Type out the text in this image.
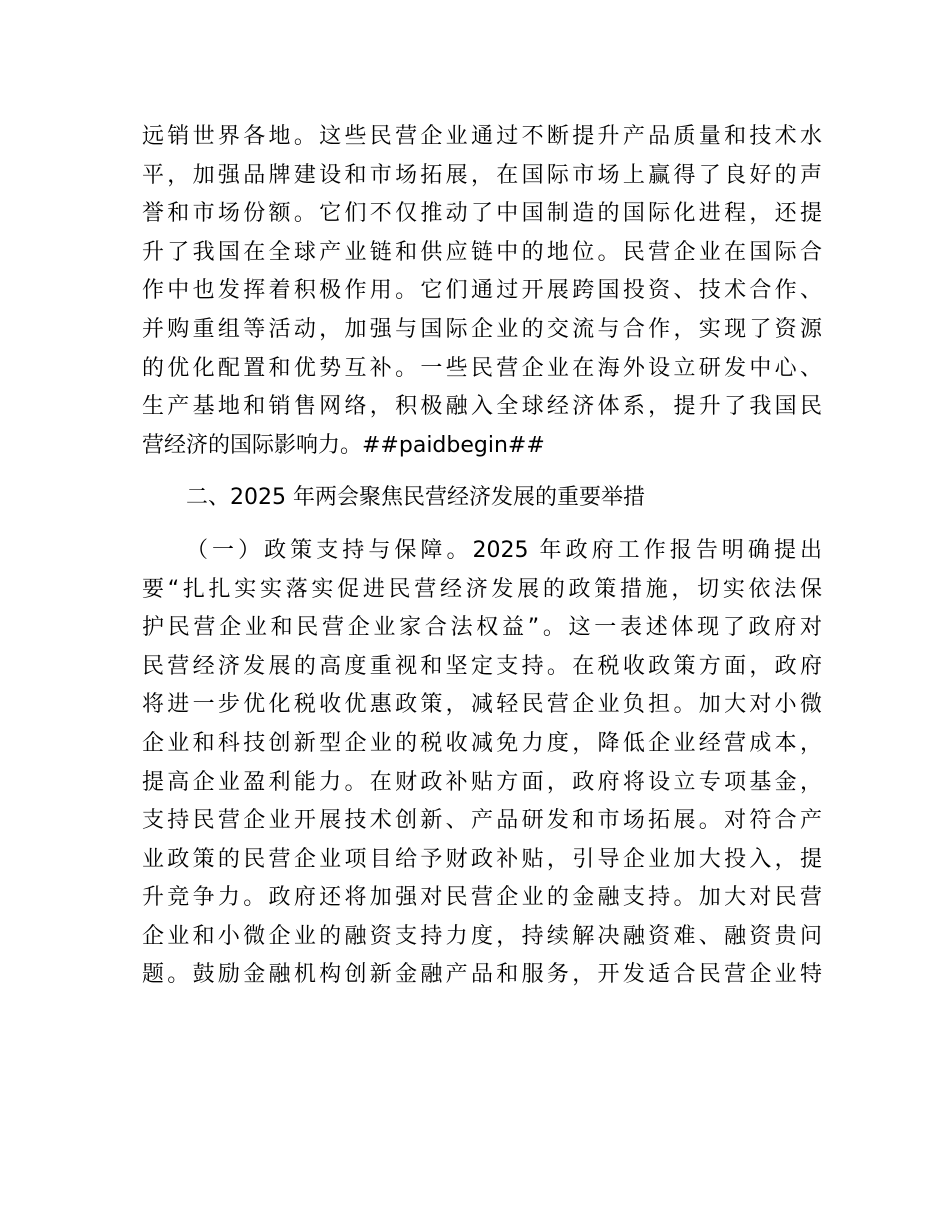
远销世界各地。这些民营企业通过不断提升产品质量和技术水
平，加强品牌建设和市场拓展，在国际市场上赢得了良好的声
誉和市场份额。它们不仅推动了中国制造的国际化进程，还提
升了我国在全球产业链和供应链中的地位。民营企业在国际合
作中也发挥着积极作用。它们通过开展跨国投资、技术合作、
并购重组等活动，加强与国际企业的交流与合作，实现了资源
的优化配置和优势互补。一些民营企业在海外设立研发中心、
生产基地和销售网络，积极融入全球经济体系，提升了我国民
营经济的国际影响力。##paidbegin##
二、2025 年两会聚焦民营经济发展的重要举措
（一）政策支持与保障。2025 年政府工作报告明确提出
要“扎扎实实落实促进民营经济发展的政策措施，切实依法保
护民营企业和民营企业家合法权益”。这一表述体现了政府对
民营经济发展的高度重视和坚定支持。在税收政策方面，政府
将进一步优化税收优惠政策，减轻民营企业负担。加大对小微
企业和科技创新型企业的税收减免力度，降低企业经营成本，
提高企业盈利能力。在财政补贴方面，政府将设立专项基金，
支持民营企业开展技术创新、产品研发和市场拓展。对符合产
业政策的民营企业项目给予财政补贴，引导企业加大投入，提
升竞争力。政府还将加强对民营企业的金融支持。加大对民营
企业和小微企业的融资支持力度，持续解决融资难、融资贵问
题。鼓励金融机构创新金融产品和服务，开发适合民营企业特
